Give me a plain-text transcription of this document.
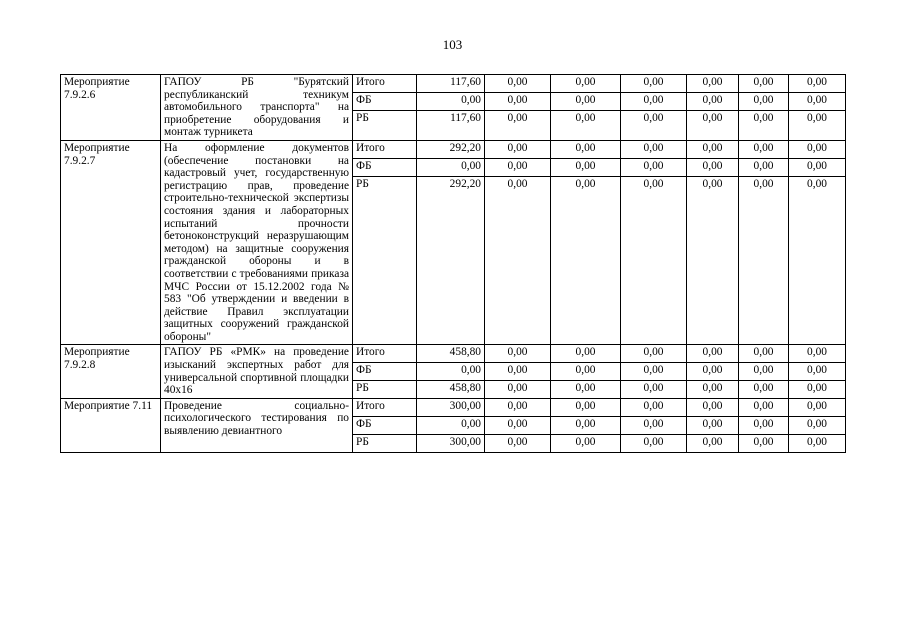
103
Мероприятие 7.9.2.6	ГАПОУ РБ "Бурятский республиканский техникум автомобильного транспорта" на приобретение оборудования и монтаж турникета	Итого	117,60	0,00	0,00	0,00	0,00	0,00	0,00
		ФБ	0,00	0,00	0,00	0,00	0,00	0,00	0,00
		РБ	117,60	0,00	0,00	0,00	0,00	0,00	0,00
Мероприятие 7.9.2.7	На оформление документов (обеспечение постановки на кадастровый учет, государственную регистрацию прав, проведение строительно-технической экспертизы состояния здания и лабораторных испытаний прочности бетоноконструкций неразрушающим методом) на защитные сооружения гражданской обороны и в соответствии с требованиями приказа МЧС России от 15.12.2002 года № 583 "Об утверждении и введении в действие Правил эксплуатации защитных сооружений гражданской обороны"	Итого	292,20	0,00	0,00	0,00	0,00	0,00	0,00
		ФБ	0,00	0,00	0,00	0,00	0,00	0,00	0,00
		РБ	292,20	0,00	0,00	0,00	0,00	0,00	0,00
Мероприятие 7.9.2.8	ГАПОУ РБ «РМК» на проведение изысканий экспертных работ для универсальной спортивной площадки 40х16	Итого	458,80	0,00	0,00	0,00	0,00	0,00	0,00
		ФБ	0,00	0,00	0,00	0,00	0,00	0,00	0,00
		РБ	458,80	0,00	0,00	0,00	0,00	0,00	0,00
Мероприятие 7.11	Проведение социально-психологического тестирования по выявлению девиантного	Итого	300,00	0,00	0,00	0,00	0,00	0,00	0,00
		ФБ	0,00	0,00	0,00	0,00	0,00	0,00	0,00
		РБ	300,00	0,00	0,00	0,00	0,00	0,00	0,00
